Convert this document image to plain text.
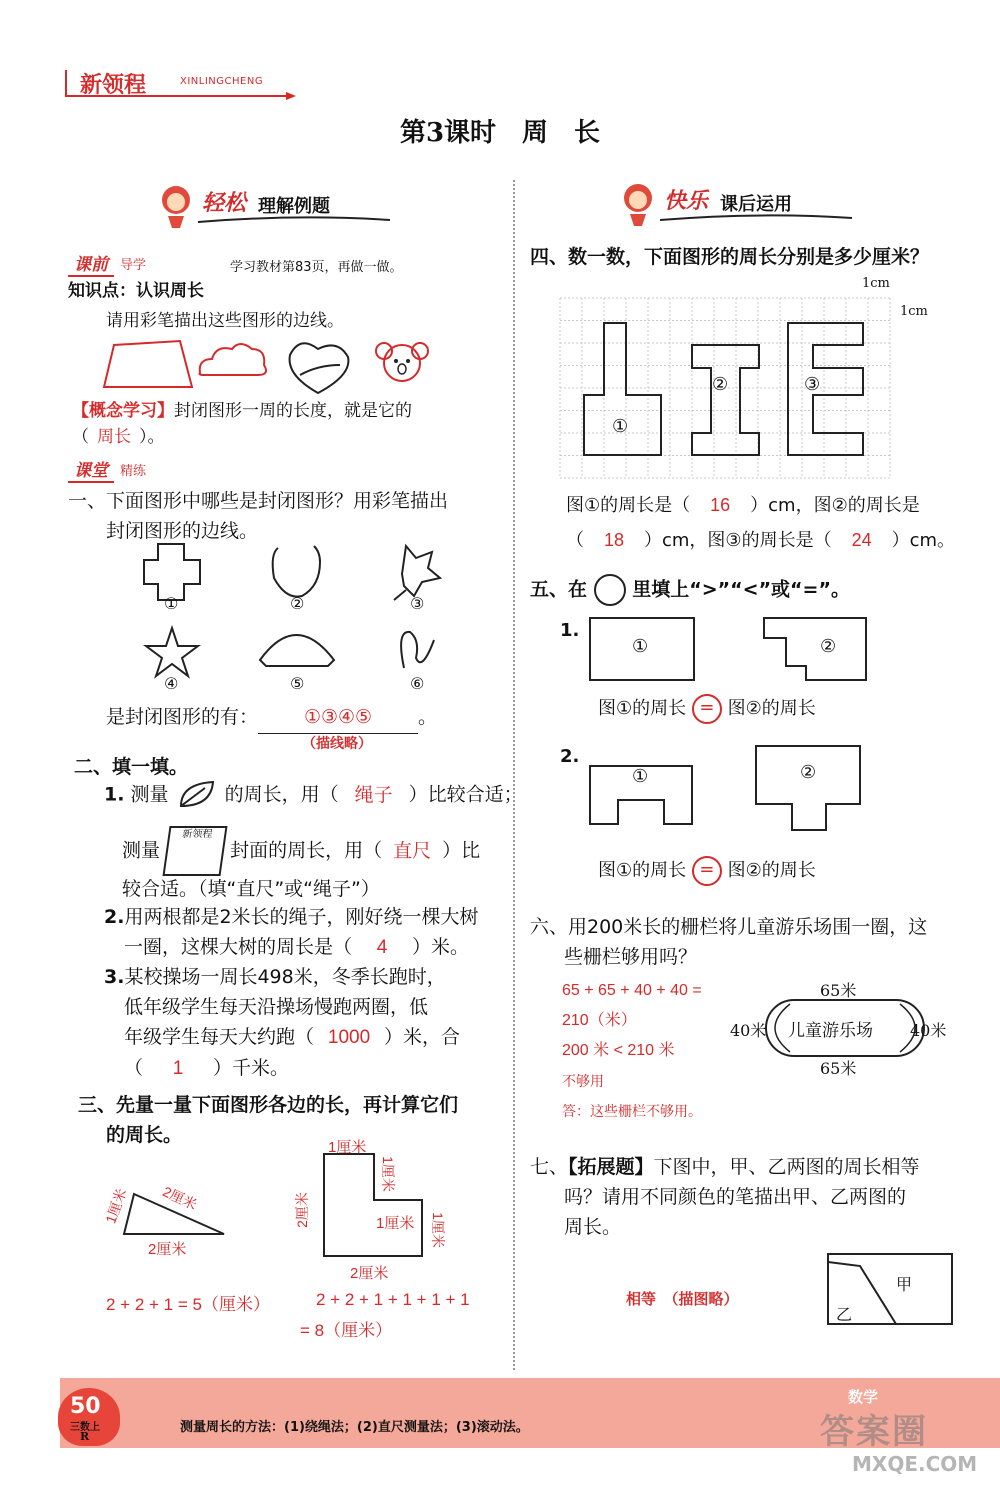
新领程	XINLINGCHENG
第3课时　周　长
轻松 理解例题
课前 导学	学习教材第83页，再做一做。
知识点：认识周长
请用彩笔描出这些图形的边线。
【概念学习】封闭图形一周的长度，就是它的
（ 周长 ）。
课堂 精练
一、下面图形中哪些是封闭图形？用彩笔描出
封闭图形的边线。
①	②	③
④	⑤	⑥
是封闭图形的有： ①③④⑤ 。
（描线略）
二、填一填。
1. 测量	的周长，用（ 绳子 ）比较合适；
测量 新领程 封面的周长，用（ 直尺 ）比
较合适。（填“直尺”或“绳子”）
2.用两根都是2米长的绳子，刚好绕一棵大树
一圈，这棵大树的周长是（ 4 ）米。
3.某校操场一周长498米，冬季长跑时，
低年级学生每天沿操场慢跑两圈，低
年级学生每天大约跑（ 1000 ）米，合
（ 1 ）千米。
三、先量一量下面图形各边的长，再计算它们
的周长。
1厘米 2厘米
2厘米
1厘米
1厘米
2厘米	1厘米 1厘米
2厘米
2 + 2 + 1 = 5（厘米）	2 + 2 + 1 + 1 + 1 + 1
= 8（厘米）
快乐 课后运用
四、数一数，下面图形的周长分别是多少厘米？
①
②	③
1cm
1cm
图①的周长是（ 16 ）cm，图②的周长是
（ 18 ）cm，图③的周长是（ 24 ）cm。
五、在 里填上“>”“<”或“=”。
1.
①	②
图①的周长 = 图②的周长
2.
①	②
图①的周长 = 图②的周长
六、用200米长的栅栏将儿童游乐场围一圈，这
些栅栏够用吗？
65 + 65 + 40 + 40 =
210（米）
200 米 < 210 米
不够用
答：这些栅栏不够用。
儿童游乐场
65米
65米
40米	40米
七、【拓展题】下图中，甲、乙两图的周长相等
吗？请用不同颜色的笔描出甲、乙两图的
周长。
相等　（描图略）
甲
乙
50
三数上
R
测量周长的方法：(1)绕绳法；(2)直尺测量法；(3)滚动法。
数学
答案圈
MXQE.COM
